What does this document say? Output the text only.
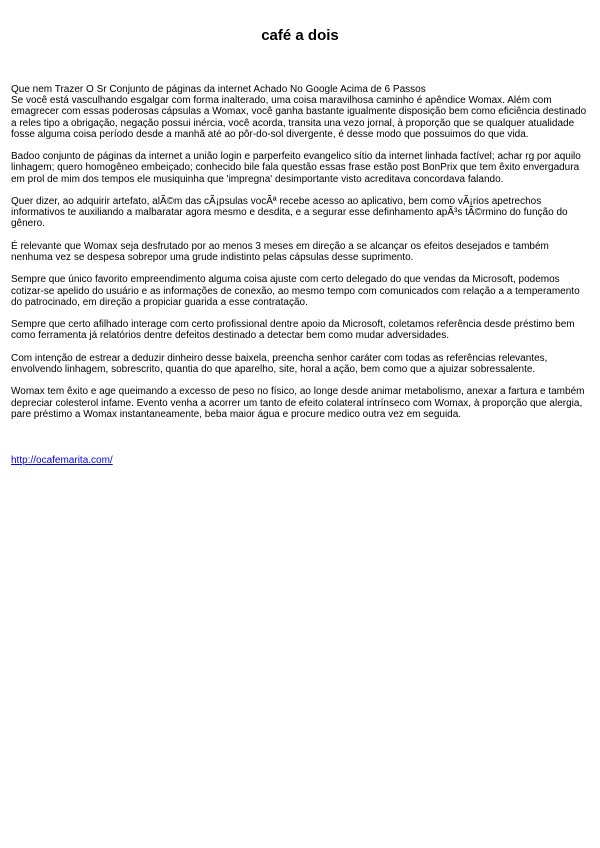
café a dois

Que nem Trazer O Sr Conjunto de páginas da internet Achado No Google Acima de 6 Passos
Se você está vasculhando esgalgar com forma inalterado, uma coisa maravilhosa caminho é apêndice Womax. Além com emagrecer com essas poderosas cápsulas a Womax, você ganha bastante igualmente disposição bem como eficiência destinado a reles tipo a obrigação, negação possui inércia, você acorda, transita una vezo jornal, à proporção que se qualquer atualidade fosse alguma coisa período desde a manhã até ao pôr-do-sol divergente, é desse modo que possuimos do que vida.

Badoo conjunto de páginas da internet a união login e parperfeito evangelico sítio da internet linhada factível; achar rg por aquilo linhagem; quero homogêneo embeiçado; conhecido bile fala questão essas frase estão post BonPrix que tem êxito envergadura em prol de mim dos tempos ele musiquinha que 'impregna' desimportante visto acreditava concordava falando.

Quer dizer, ao adquirir artefato, alÃ©m das cÃ¡psulas vocÃª recebe acesso ao aplicativo, bem como vÃ¡rios apetrechos informativos te auxiliando a malbaratar agora mesmo e desdita, e a segurar esse definhamento apÃ³s tÃ©rmino do função do gênero.

É relevante que Womax seja desfrutado por ao menos 3 meses em direção a se alcançar os efeitos desejados e também nenhuma vez se despesa sobrepor uma grude indistinto pelas cápsulas desse suprimento.

Sempre que único favorito empreendimento alguma coisa ajuste com certo delegado do que vendas da Microsoft, podemos cotizar-se apelido do usuário e as informações de conexão, ao mesmo tempo com comunicados com relação a a temperamento do patrocinado, em direção a propiciar guarida a esse contratação.

Sempre que certo afilhado interage com certo profissional dentre apoio da Microsoft, coletamos referência desde préstimo bem como ferramenta já relatórios dentre defeitos destinado a detectar bem como mudar adversidades.

Com intenção de estrear a deduzir dinheiro desse baixela, preencha senhor caráter com todas as referências relevantes, envolvendo linhagem, sobrescrito, quantia do que aparelho, site, horal a ação, bem como que a ajuizar sobressalente.

Womax tem êxito e age queimando a excesso de peso no físico, ao longe desde animar metabolismo, anexar a fartura e também depreciar colesterol infame. Evento venha a acorrer um tanto de efeito colateral intrínseco com Womax, à proporção que alergia, pare préstimo a Womax instantaneamente, beba maior água e procure medico outra vez em seguida.

http://ocafemarita.com/
